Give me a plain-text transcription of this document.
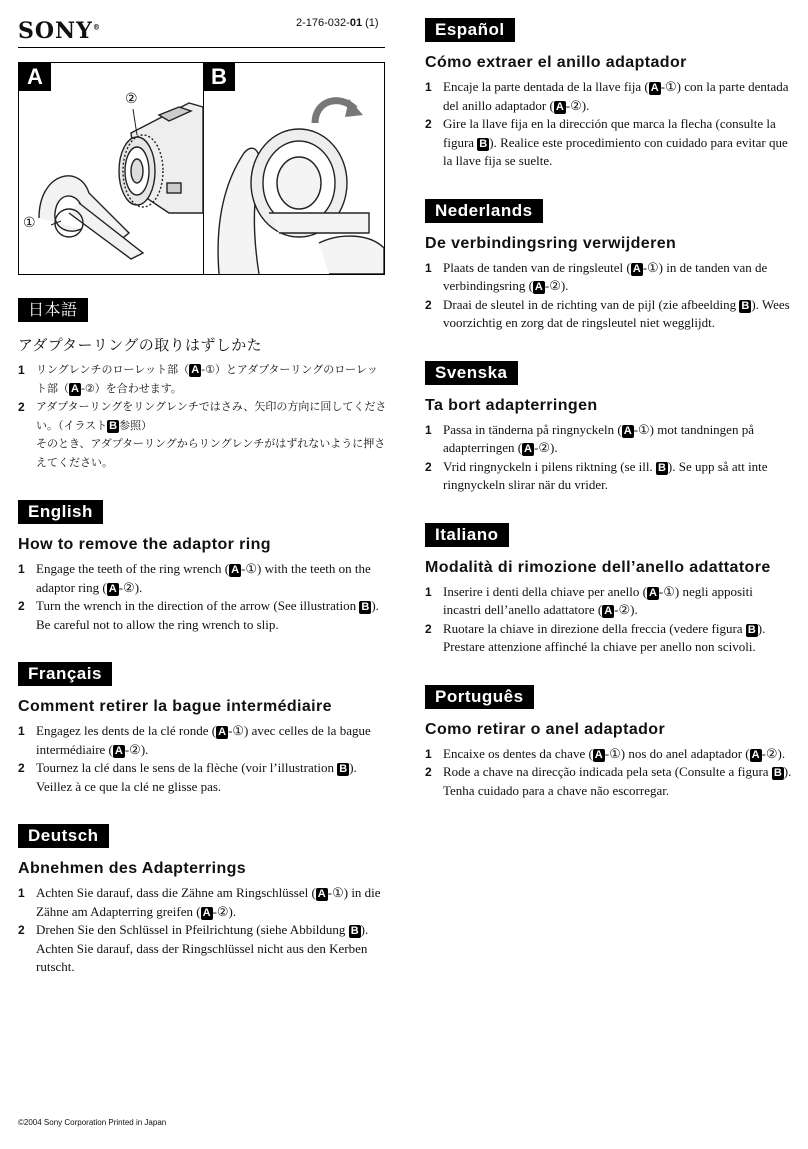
SONY®	2-176-032-01 (1)
A	B
②
①
日本語
アダプターリングの取りはずしかた
1 リングレンチのローレット部（ A -①）とアダプターリングのローレット部（ A -②）を合わせます。
2 アダプターリングをリングレンチではさみ、矢印の方向に回してください。（イラスト B 参照）
そのとき、アダプターリングからリングレンチがはずれないように押さえてください。
English
How to remove the adaptor ring
1 Engage the teeth of the ring wrench ( A -①) with the teeth on the adaptor ring ( A -②).
2 Turn the wrench in the direction of the arrow (See illustration B ). Be careful not to allow the ring wrench to slip.
Français
Comment retirer la bague intermédiaire
1 Engagez les dents de la clé ronde ( A -①) avec celles de la bague intermédiaire ( A -②).
2 Tournez la clé dans le sens de la flèche (voir l’illustration B ). Veillez à ce que la clé ne glisse pas.
Deutsch
Abnehmen des Adapterrings
1 Achten Sie darauf, dass die Zähne am Ringschlüssel ( A -①) in die Zähne am Adapterring greifen ( A -②).
2 Drehen Sie den Schlüssel in Pfeilrichtung (siehe Abbildung B ). Achten Sie darauf, dass der Ringschlüssel nicht aus den Kerben rutscht.
Español
Cómo extraer el anillo adaptador
1 Encaje la parte dentada de la llave fija ( A -①) con la parte dentada del anillo adaptador ( A -②).
2 Gire la llave fija en la dirección que marca la flecha (consulte la figura B ). Realice este procedimiento con cuidado para evitar que la llave fija se suelte.
Nederlands
De verbindingsring verwijderen
1 Plaats de tanden van de ringsleutel ( A -①) in de tanden van de verbindingsring ( A -②).
2 Draai de sleutel in de richting van de pijl (zie afbeelding B ). Wees voorzichtig en zorg dat de ringsleutel niet wegglijdt.
Svenska
Ta bort adapterringen
1 Passa in tänderna på ringnyckeln ( A -①) mot tandningen på adapterringen ( A -②).
2 Vrid ringnyckeln i pilens riktning (se ill. B ). Se upp så att inte ringnyckeln slirar när du vrider.
Italiano
Modalità di rimozione dell’anello adattatore
1 Inserire i denti della chiave per anello ( A -①) negli appositi incastri dell’anello adattatore ( A -②).
2 Ruotare la chiave in direzione della freccia (vedere figura B ). Prestare attenzione affinché la chiave per anello non scivoli.
Português
Como retirar o anel adaptador
1 Encaixe os dentes da chave ( A -①) nos do anel adaptador ( A -②).
2 Rode a chave na direcção indicada pela seta (Consulte a figura B ). Tenha cuidado para a chave não escorregar.
©2004 Sony Corporation Printed in Japan
